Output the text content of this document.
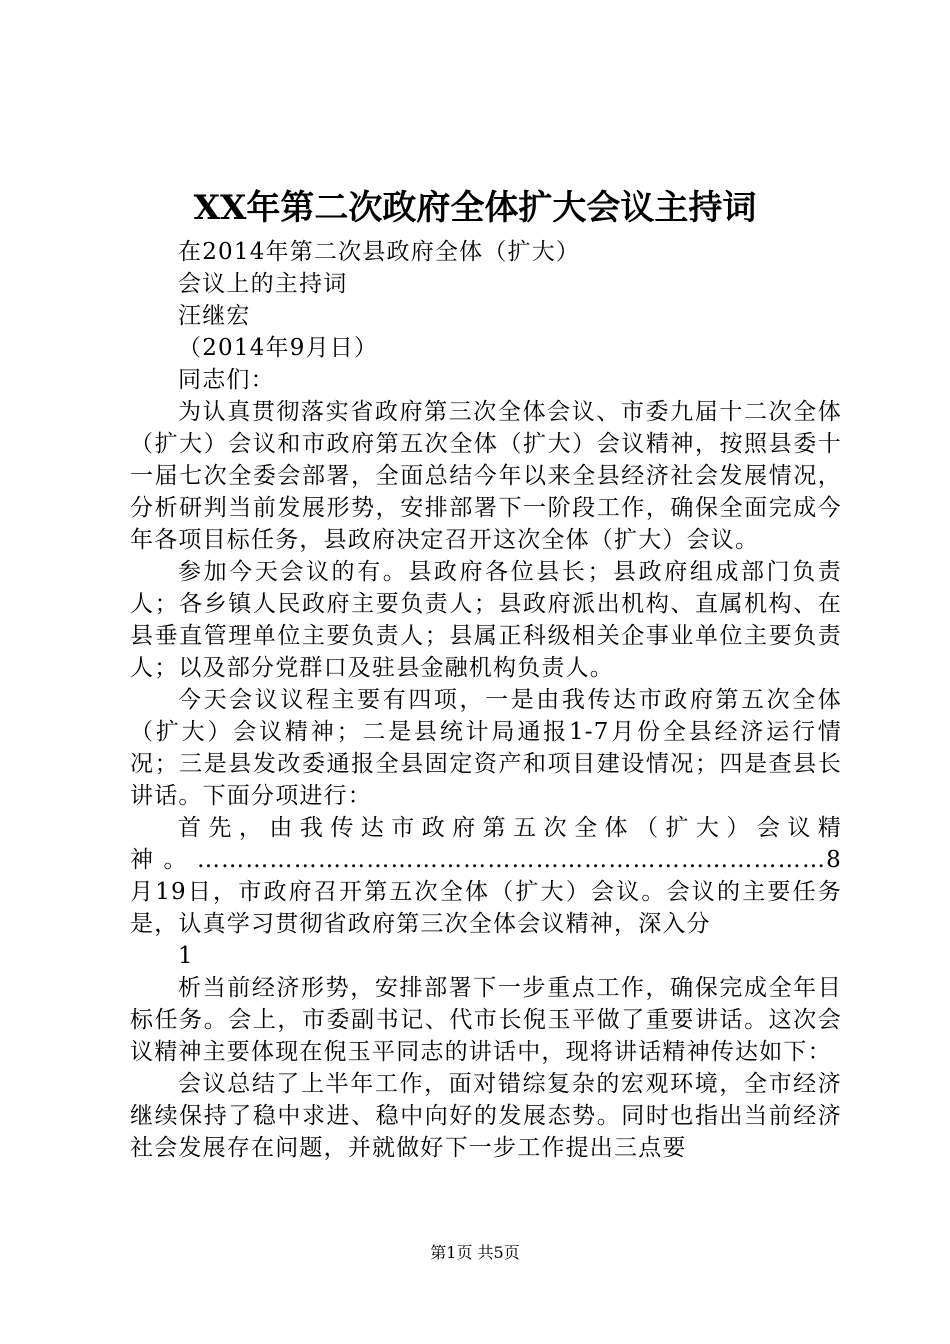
XX年第二次政府全体扩大会议主持词

在2014年第二次县政府全体（扩大）

会议上的主持词

汪继宏

（2014年9月日）

同志们：

为认真贯彻落实省政府第三次全体会议、市委九届十二次全体（扩大）会议和市政府第五次全体（扩大）会议精神，按照县委十一届七次全委会部署，全面总结今年以来全县经济社会发展情况，分析研判当前发展形势，安排部署下一阶段工作，确保全面完成今年各项目标任务，县政府决定召开这次全体（扩大）会议。

参加今天会议的有。县政府各位县长；县政府组成部门负责人；各乡镇人民政府主要负责人；县政府派出机构、直属机构、在县垂直管理单位主要负责人；县属正科级相关企事业单位主要负责人；以及部分党群口及驻县金融机构负责人。

今天会议议程主要有四项，一是由我传达市政府第五次全体（扩大）会议精神；二是县统计局通报1-7月份全县经济运行情况；三是县发改委通报全县固定资产和项目建设情况；四是查县长讲话。下面分项进行：

首先，由我传达市政府第五次全体（扩大）会议精神。……………………………………………………………………8月19日，市政府召开第五次全体（扩大）会议。会议的主要任务是，认真学习贯彻省政府第三次全体会议精神，深入分

1

析当前经济形势，安排部署下一步重点工作，确保完成全年目标任务。会上，市委副书记、代市长倪玉平做了重要讲话。这次会议精神主要体现在倪玉平同志的讲话中，现将讲话精神传达如下：

会议总结了上半年工作，面对错综复杂的宏观环境，全市经济继续保持了稳中求进、稳中向好的发展态势。同时也指出当前经济社会发展存在问题，并就做好下一步工作提出三点要

第1页 共5页
